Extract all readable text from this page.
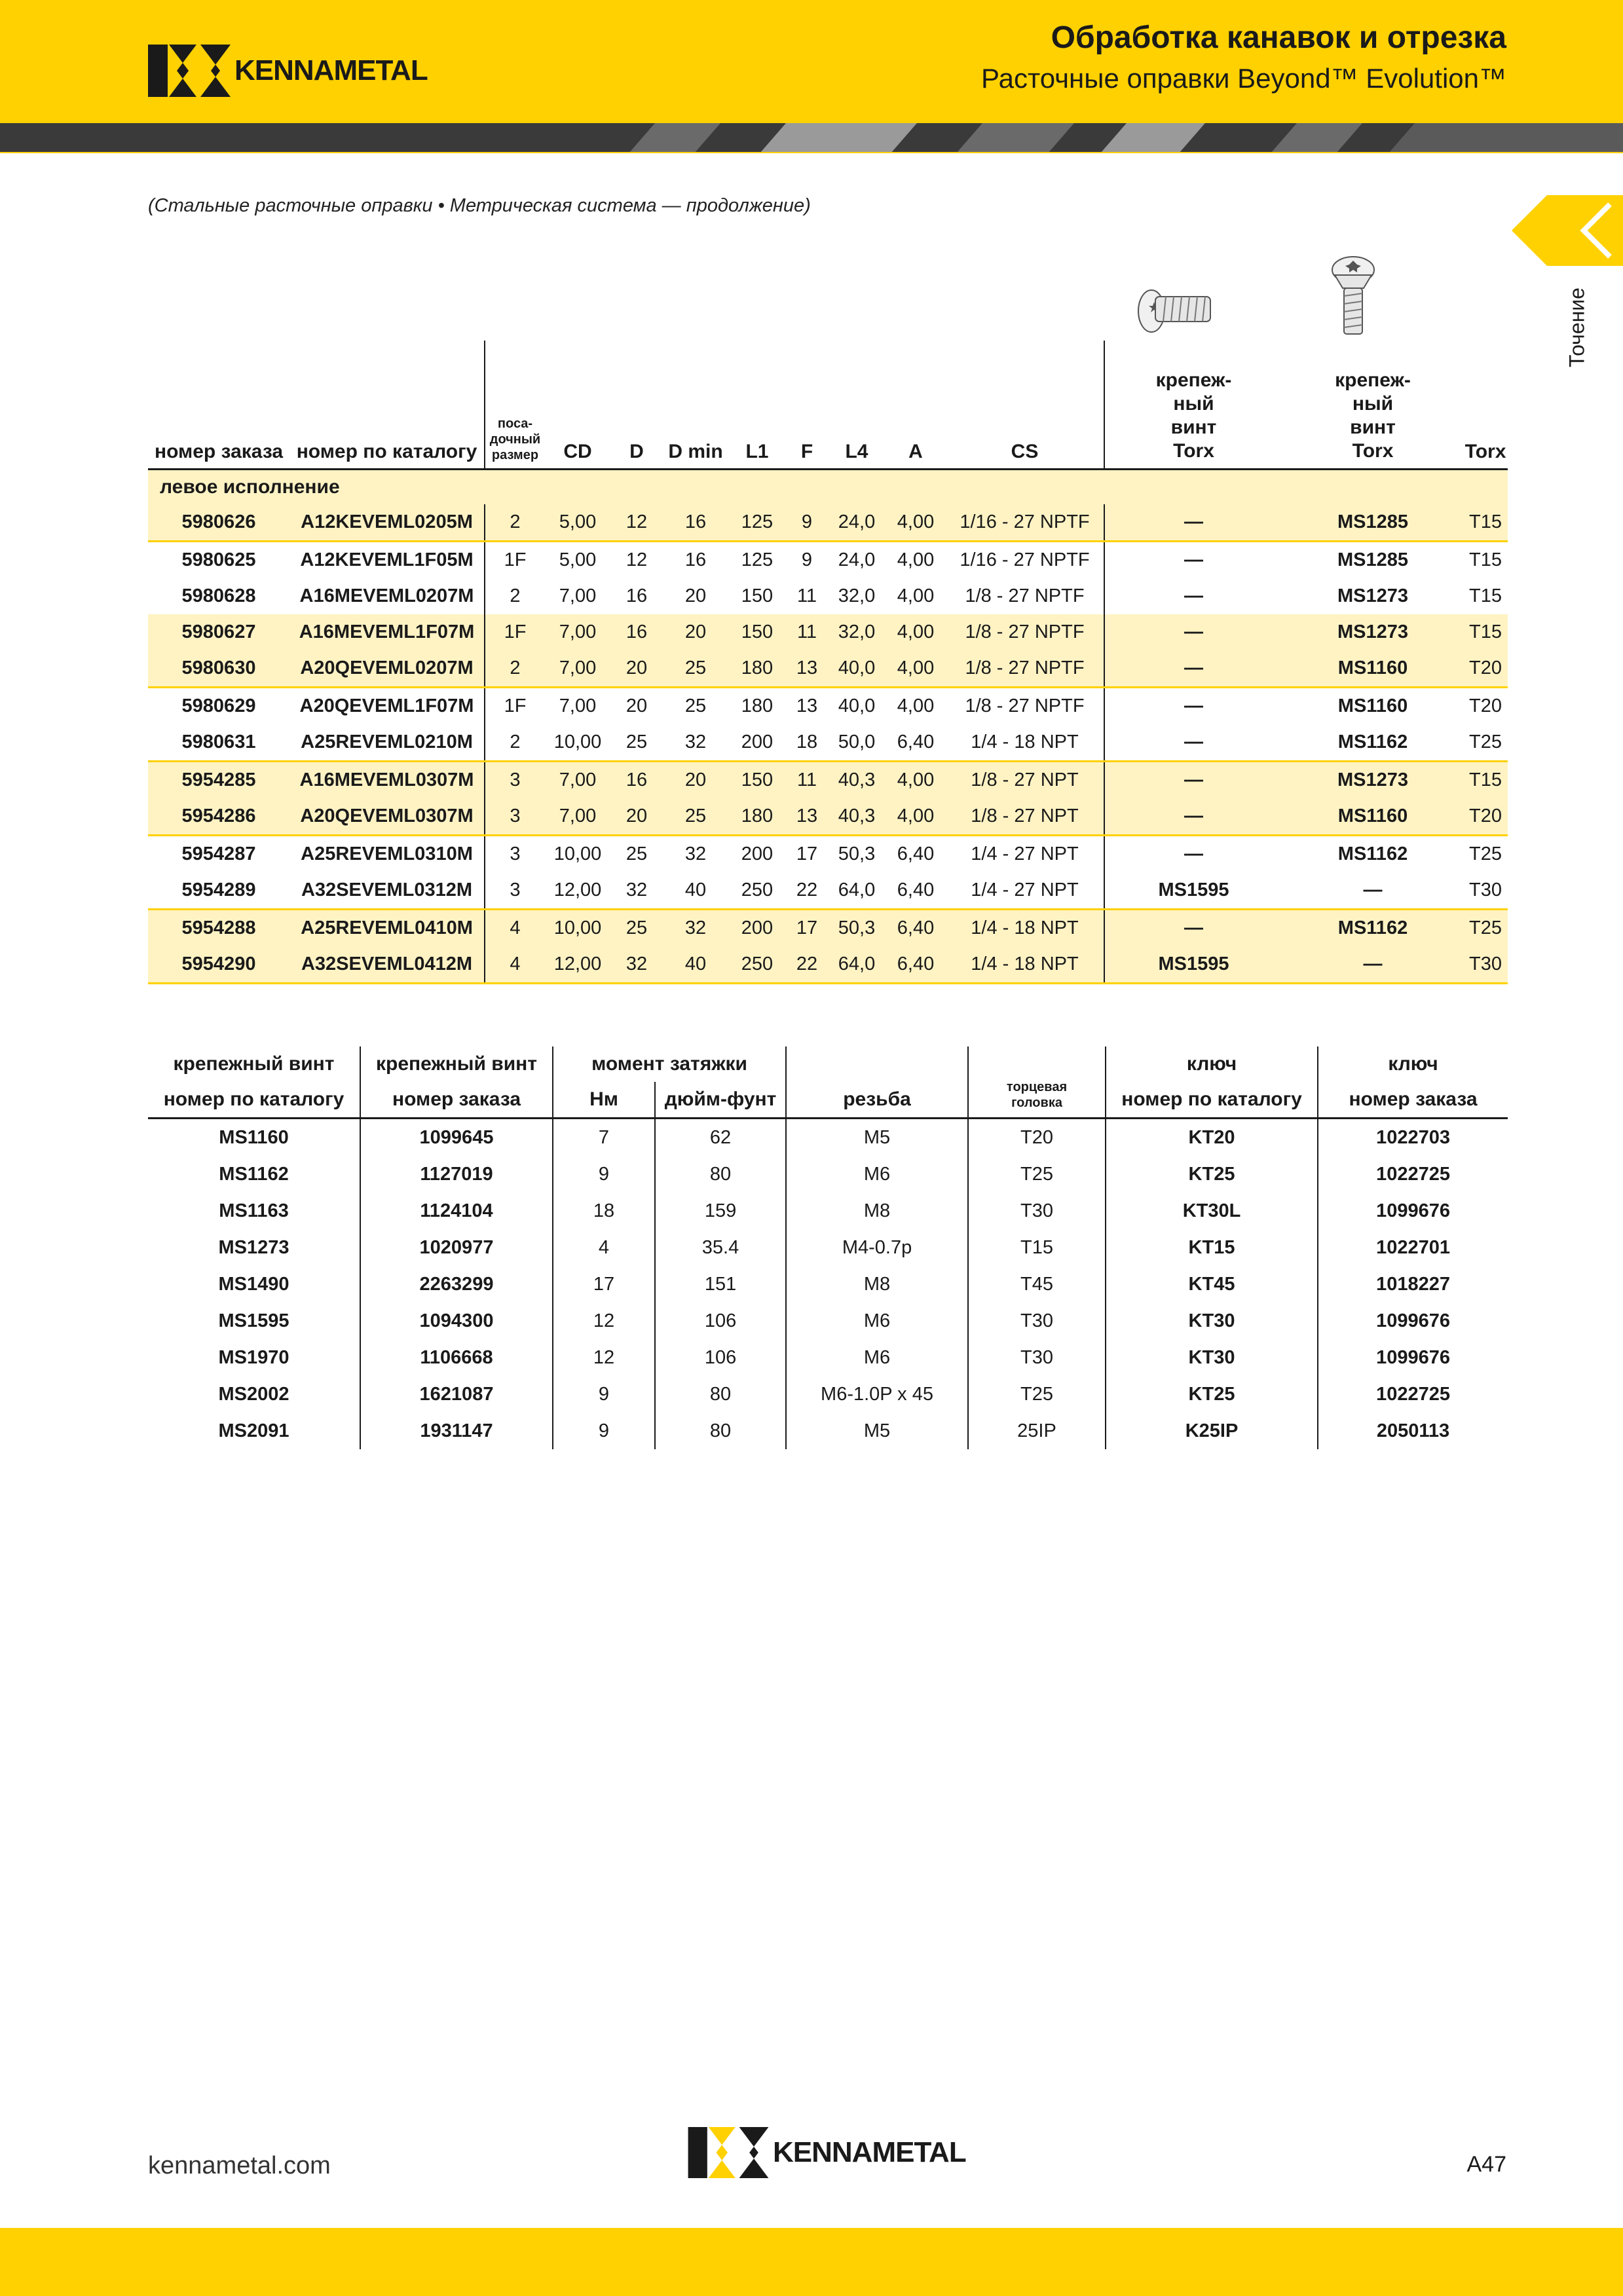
KENNAMETAL
Обработка канавок и отрезка
Расточные оправки Beyond™ Evolution™
(Стальные расточные оправки • Метрическая система — продолжение)
Точение
номер заказа	номер по каталогу	поса-
дочный
размер	CD	D	D min	L1	F	L4	A	CS	крепеж-
ный
винт
Torx	крепеж-
ный
винт
Torx	Torx
левое исполнение													
5980626	A12KEVEML0205M	2	5,00	12	16	125	9	24,0	4,00	1/16 - 27 NPTF	—	MS1285	T15
5980625	A12KEVEML1F05M	1F	5,00	12	16	125	9	24,0	4,00	1/16 - 27 NPTF	—	MS1285	T15
5980628	A16MEVEML0207M	2	7,00	16	20	150	11	32,0	4,00	1/8 - 27 NPTF	—	MS1273	T15
5980627	A16MEVEML1F07M	1F	7,00	16	20	150	11	32,0	4,00	1/8 - 27 NPTF	—	MS1273	T15
5980630	A20QEVEML0207M	2	7,00	20	25	180	13	40,0	4,00	1/8 - 27 NPTF	—	MS1160	T20
5980629	A20QEVEML1F07M	1F	7,00	20	25	180	13	40,0	4,00	1/8 - 27 NPTF	—	MS1160	T20
5980631	A25REVEML0210M	2	10,00	25	32	200	18	50,0	6,40	1/4 - 18 NPT	—	MS1162	T25
5954285	A16MEVEML0307M	3	7,00	16	20	150	11	40,3	4,00	1/8 - 27 NPT	—	MS1273	T15
5954286	A20QEVEML0307M	3	7,00	20	25	180	13	40,3	4,00	1/8 - 27 NPT	—	MS1160	T20
5954287	A25REVEML0310M	3	10,00	25	32	200	17	50,3	6,40	1/4 - 27 NPT	—	MS1162	T25
5954289	A32SEVEML0312M	3	12,00	32	40	250	22	64,0	6,40	1/4 - 27 NPT	MS1595	—	T30
5954288	A25REVEML0410M	4	10,00	25	32	200	17	50,3	6,40	1/4 - 18 NPT	—	MS1162	T25
5954290	A32SEVEML0412M	4	12,00	32	40	250	22	64,0	6,40	1/4 - 18 NPT	MS1595	—	T30
крепежный винт	крепежный винт	момент затяжки			торцевая
головка	ключ	ключ
номер по каталогу	номер заказа	Нм	дюйм-фунт	резьба		номер по каталогу	номер заказа
MS1160	1099645	7	62	M5	T20	KT20	1022703
MS1162	1127019	9	80	M6	T25	KT25	1022725
MS1163	1124104	18	159	M8	T30	KT30L	1099676
MS1273	1020977	4	35.4	M4-0.7p	T15	KT15	1022701
MS1490	2263299	17	151	M8	T45	KT45	1018227
MS1595	1094300	12	106	M6	T30	KT30	1099676
MS1970	1106668	12	106	M6	T30	KT30	1099676
MS2002	1621087	9	80	M6-1.0P x 45	T25	KT25	1022725
MS2091	1931147	9	80	M5	25IP	K25IP	2050113
kennametal.com	KENNAMETAL	A47
